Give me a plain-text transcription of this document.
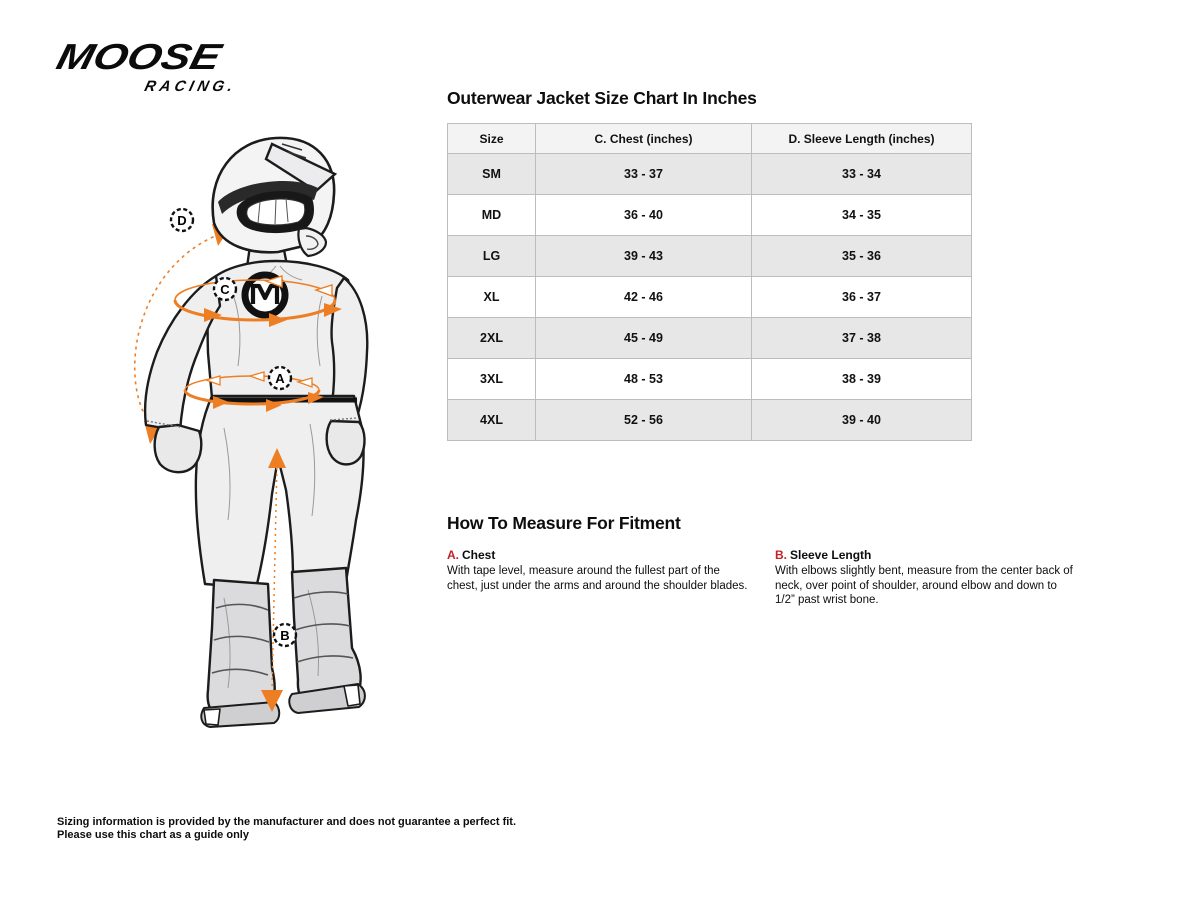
MOOSE
RACING.
D
C
A
B
Outerwear Jacket Size Chart In Inches
Size	C. Chest (inches)	D. Sleeve Length (inches)
SM	33 - 37	33 - 34
MD	36 - 40	34 - 35
LG	39 - 43	35 - 36
XL	42 - 46	36 - 37
2XL	45 - 49	37 - 38
3XL	48 - 53	38 - 39
4XL	52 - 56	39 - 40
How To Measure For Fitment
A. Chest
With tape level, measure around the fullest part of the chest, just under the arms and around the shoulder blades.
B. Sleeve Length
With elbows slightly bent, measure from the center back of neck, over point of shoulder, around elbow and down to 1/2” past wrist bone.
Sizing information is provided by the manufacturer and does not guarantee a perfect fit.
Please use this chart as a guide only
